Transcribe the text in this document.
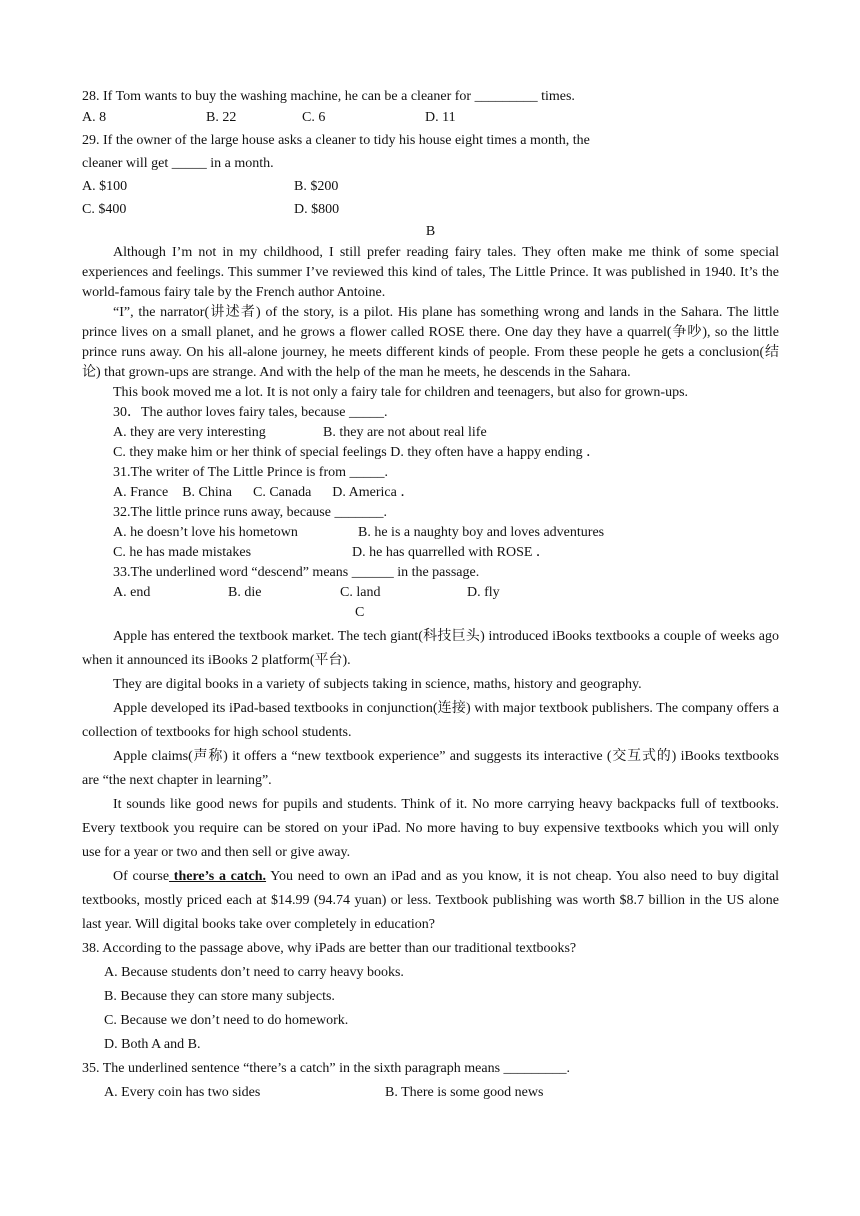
28. If Tom wants to buy the washing machine, he can be a cleaner for _________ times.
A. 8	B. 22	C. 6	D. 11
29. If the owner of the large house asks a cleaner to tidy his house eight times a month, the
cleaner will get _____ in a month.
A. $100	B. $200
C. $400	D. $800
B
Although I’m not in my childhood, I still prefer reading fairy tales. They often make me think of some special experiences and feelings. This summer I’ve reviewed this kind of tales, The Little Prince. It was published in 1940. It’s the world-famous fairy tale by the French author Antoine.
“I”, the narrator(讲述者) of the story, is a pilot. His plane has something wrong and lands in the Sahara. The little prince lives on a small planet, and he grows a flower called ROSE there. One day they have a quarrel(争吵), so the little prince runs away. On his all-alone journey, he meets different kinds of people. From these people he gets a conclusion(结论) that grown-ups are strange. And with the help of the man he meets, he descends in the Sahara.
This book moved me a lot. It is not only a fairy tale for children and teenagers, but also for grown-ups.
30．The author loves fairy tales, because _____.
A. they are very interesting	B. they are not about real life
C. they make him or her think of special feelings D. they often have a happy ending ．
31.The writer of The Little Prince is from _____.
A. France    B. China      C. Canada      D. America ．
32.The little prince runs away, because _______.
A. he doesn’t love his hometown	B. he is a naughty boy and loves adventures
C. he has made mistakes	D. he has quarrelled with ROSE ．
33.The underlined word “descend” means ______ in the passage.
A. end	B. die	C. land	D. fly
C
Apple has entered the textbook market. The tech giant(科技巨头) introduced iBooks textbooks a couple of weeks ago when it announced its iBooks 2 platform(平台).
They are digital books in a variety of subjects taking in science, maths, history and geography.
Apple developed its iPad-based textbooks in conjunction(连接) with major textbook publishers. The company offers a collection of textbooks for high school students.
Apple claims(声称) it offers a “new textbook experience” and suggests its interactive (交互式的) iBooks textbooks are “the next chapter in learning”.
It sounds like good news for pupils and students. Think of it. No more carrying heavy backpacks full of textbooks. Every textbook you require can be stored on your iPad. No more having to buy expensive textbooks which you will only use for a year or two and then sell or give away.
Of course there’s a catch. You need to own an iPad and as you know, it is not cheap. You also need to buy digital textbooks, mostly priced each at $14.99 (94.74 yuan) or less. Textbook publishing was worth $8.7 billion in the US alone last year. Will digital books take over completely in education?
38. According to the passage above, why iPads are better than our traditional textbooks?
A. Because students don’t need to carry heavy books.
B. Because they can store many subjects.
C. Because we don’t need to do homework.
D. Both A and B.
35. The underlined sentence “there’s a catch” in the sixth paragraph means _________.
A. Every coin has two sides	B. There is some good news
